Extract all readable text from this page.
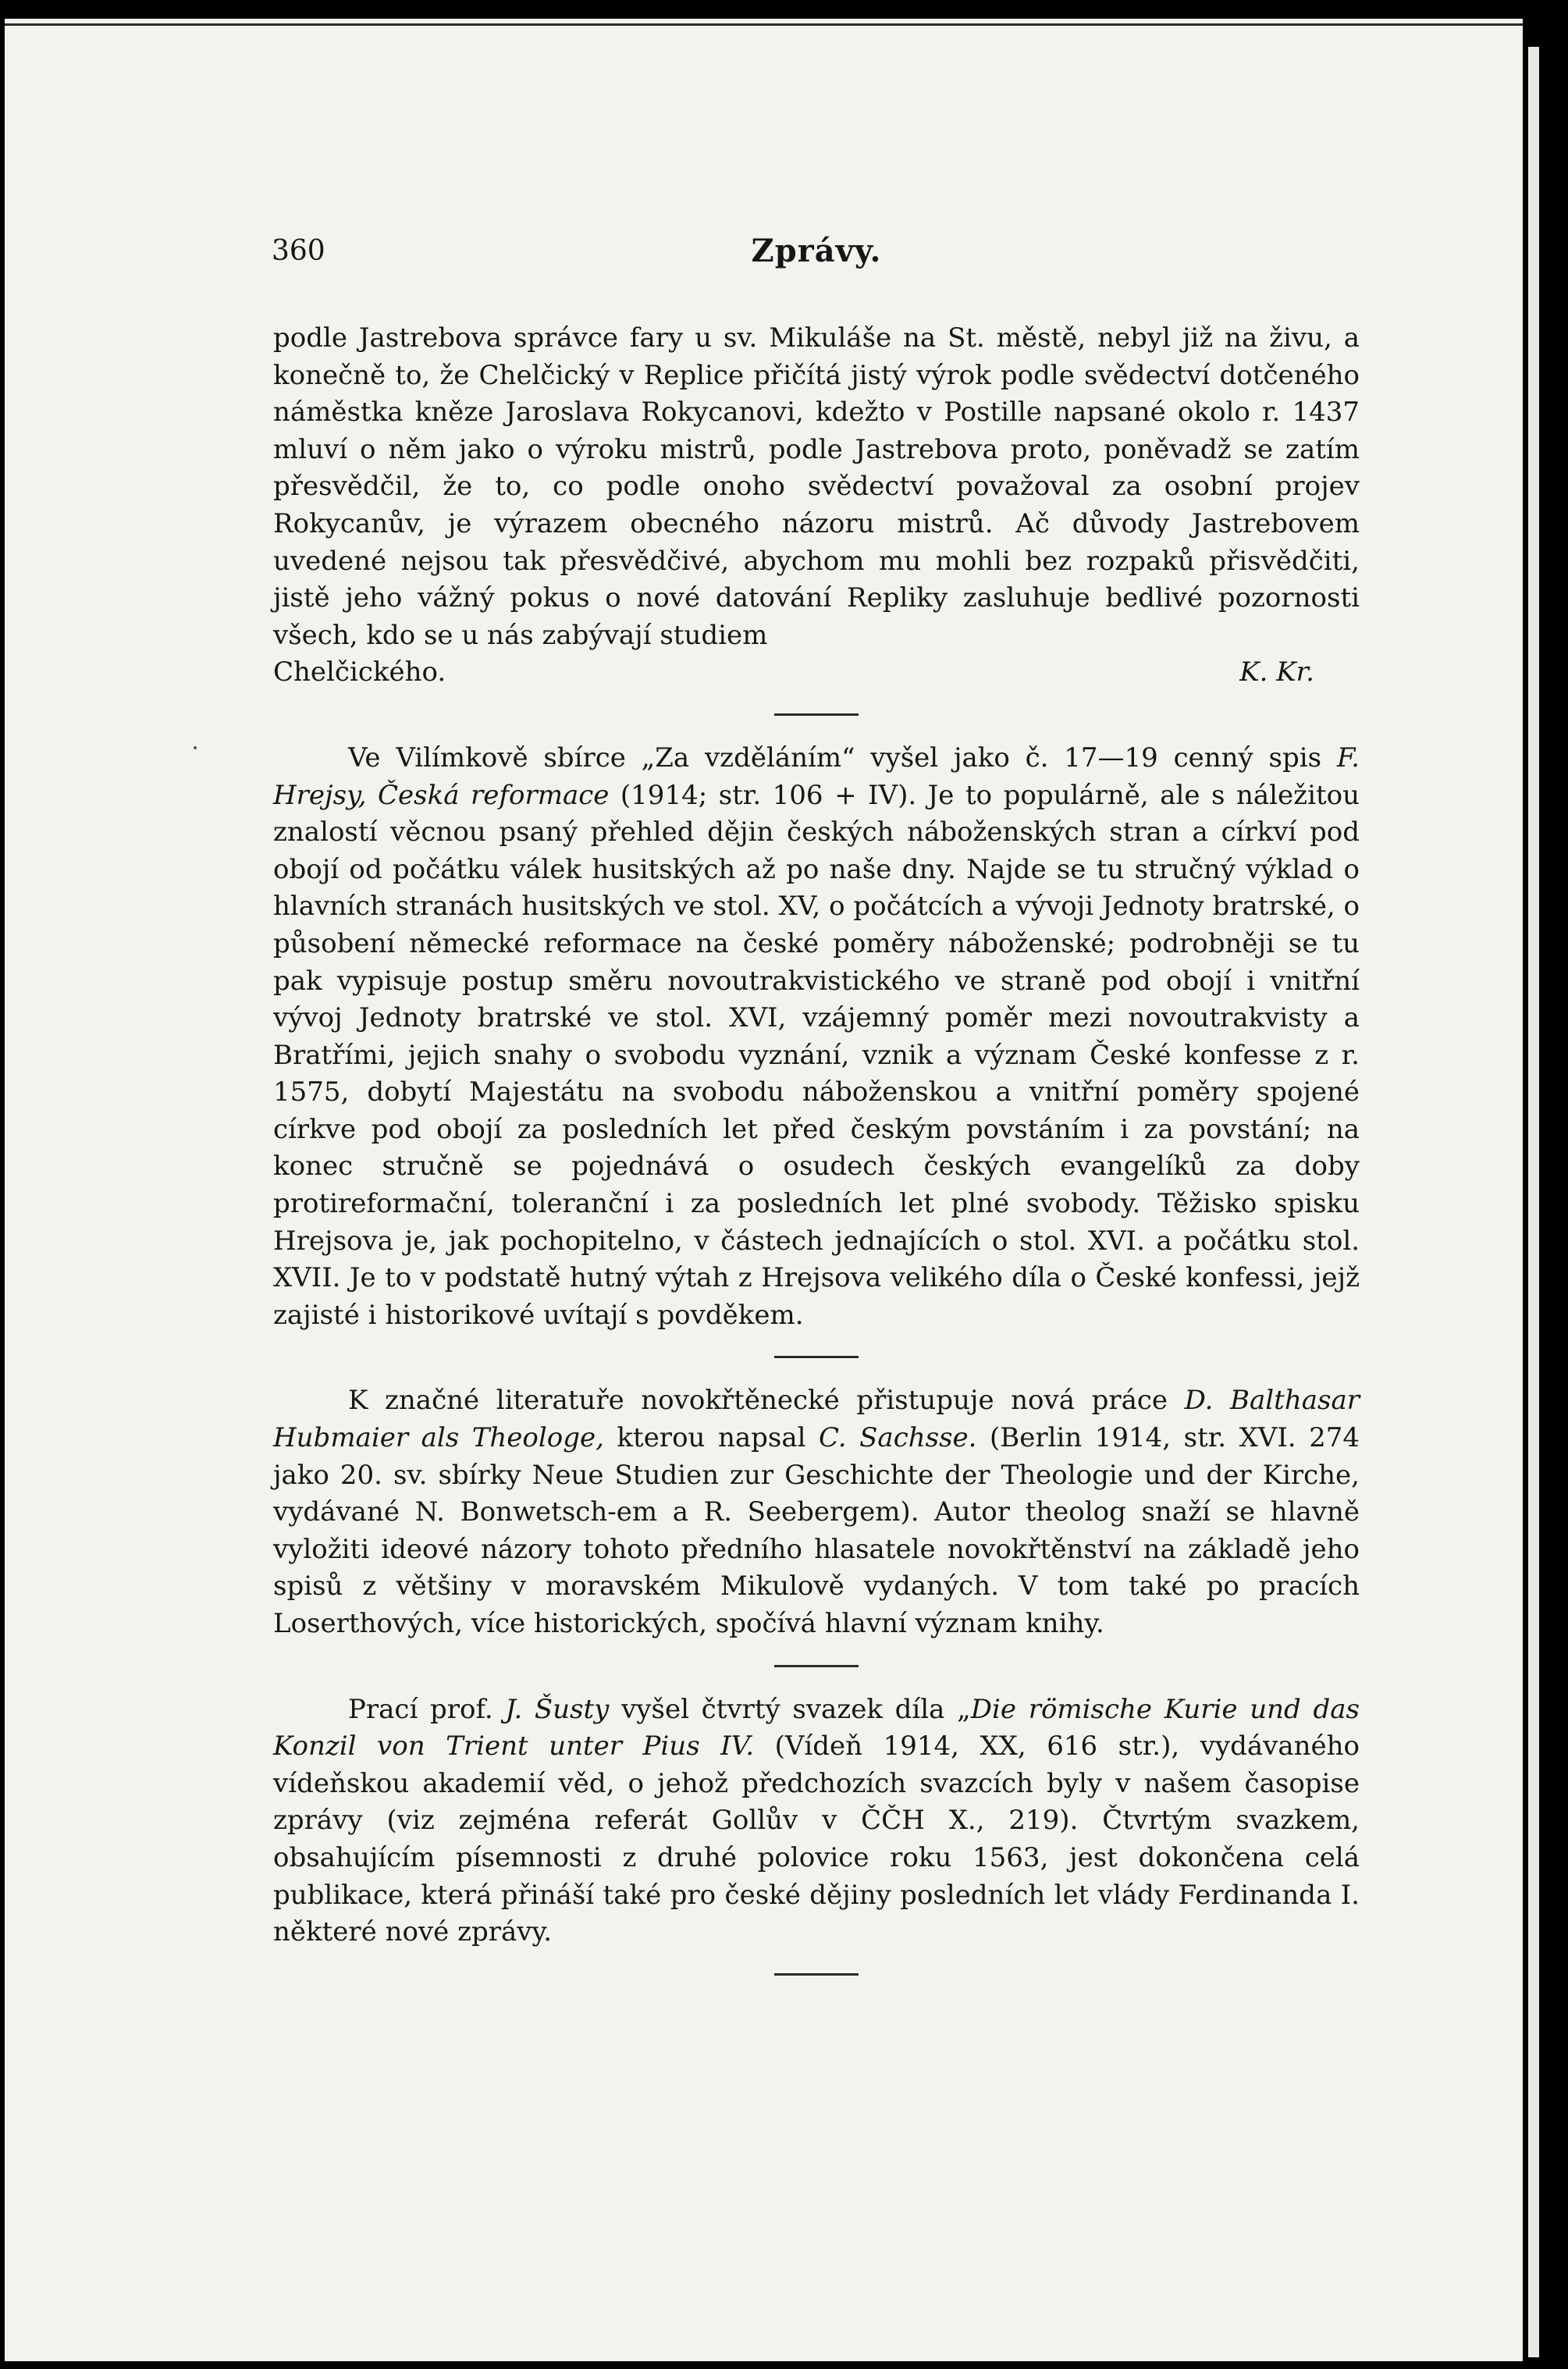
360	Zprávy.

podle Jastrebova správce fary u sv. Mikuláše na St. městě, nebyl již na živu, a konečně to, že Chelčický v Replice přičítá jistý výrok podle svědectví dotčeného náměstka kněze Jaroslava Rokycanovi, kdežto v Postille napsané okolo r. 1437 mluví o něm jako o výroku mistrů, podle Jastrebova proto, poněvadž se zatím přesvědčil, že to, co podle onoho svědectví považoval za osobní projev Rokycanův, je výrazem obecného názoru mistrů. Ač důvody Jastrebovem uvedené nejsou tak přesvědčivé, abychom mu mohli bez rozpaků přisvědčiti, jistě jeho vážný pokus o nové datování Repliky zasluhuje bedlivé pozornosti všech, kdo se u nás zabývají studiem

Chelčického.	K. Kr.

Ve Vilímkově sbírce „Za vzděláním“ vyšel jako č. 17—19 cenný spis F. Hrejsy, Česká reformace (1914; str. 106 + IV). Je to populárně, ale s náležitou znalostí věcnou psaný přehled dějin českých náboženských stran a církví pod obojí od počátku válek husitských až po naše dny. Najde se tu stručný výklad o hlavních stranách husitských ve stol. XV, o počátcích a vývoji Jednoty bratrské, o působení německé reformace na české poměry náboženské; podrobněji se tu pak vypisuje postup směru novoutrakvistického ve straně pod obojí i vnitřní vývoj Jednoty bratrské ve stol. XVI, vzájemný poměr mezi novoutrakvisty a Bratřími, jejich snahy o svobodu vyznání, vznik a význam České konfesse z r. 1575, dobytí Majestátu na svobodu náboženskou a vnitřní poměry spojené církve pod obojí za posledních let před českým povstáním i za povstání; na konec stručně se pojednává o osudech českých evangelíků za doby protireformační, toleranční i za posledních let plné svobody. Těžisko spisku Hrejsova je, jak pochopitelno, v částech jednajících o stol. XVI. a počátku stol. XVII. Je to v podstatě hutný výtah z Hrejsova velikého díla o České konfessi, jejž zajisté i historikové uvítají s povděkem.

K značné literatuře novokřtěnecké přistupuje nová práce D. Balthasar Hubmaier als Theologe, kterou napsal C. Sachsse. (Berlin 1914, str. XVI. 274 jako 20. sv. sbírky Neue Studien zur Geschichte der Theologie und der Kirche, vydávané N. Bonwetsch-em a R. Seebergem). Autor theolog snaží se hlavně vyložiti ideové názory tohoto předního hlasatele novokřtěnství na základě jeho spisů z většiny v moravském Mikulově vydaných. V tom také po pracích Loserthových, více historických, spočívá hlavní význam knihy.

Prací prof. J. Šusty vyšel čtvrtý svazek díla „Die römische Kurie und das Konzil von Trient unter Pius IV. (Vídeň 1914, XX, 616 str.), vydávaného vídeňskou akademií věd, o jehož předchozích svazcích byly v našem časopise zprávy (viz zejména referát Gollův v ČČH X., 219). Čtvrtým svazkem, obsahujícím písemnosti z druhé polovice roku 1563, jest dokončena celá publikace, která přináší také pro české dějiny posledních let vlády Ferdinanda I. některé nové zprávy.
